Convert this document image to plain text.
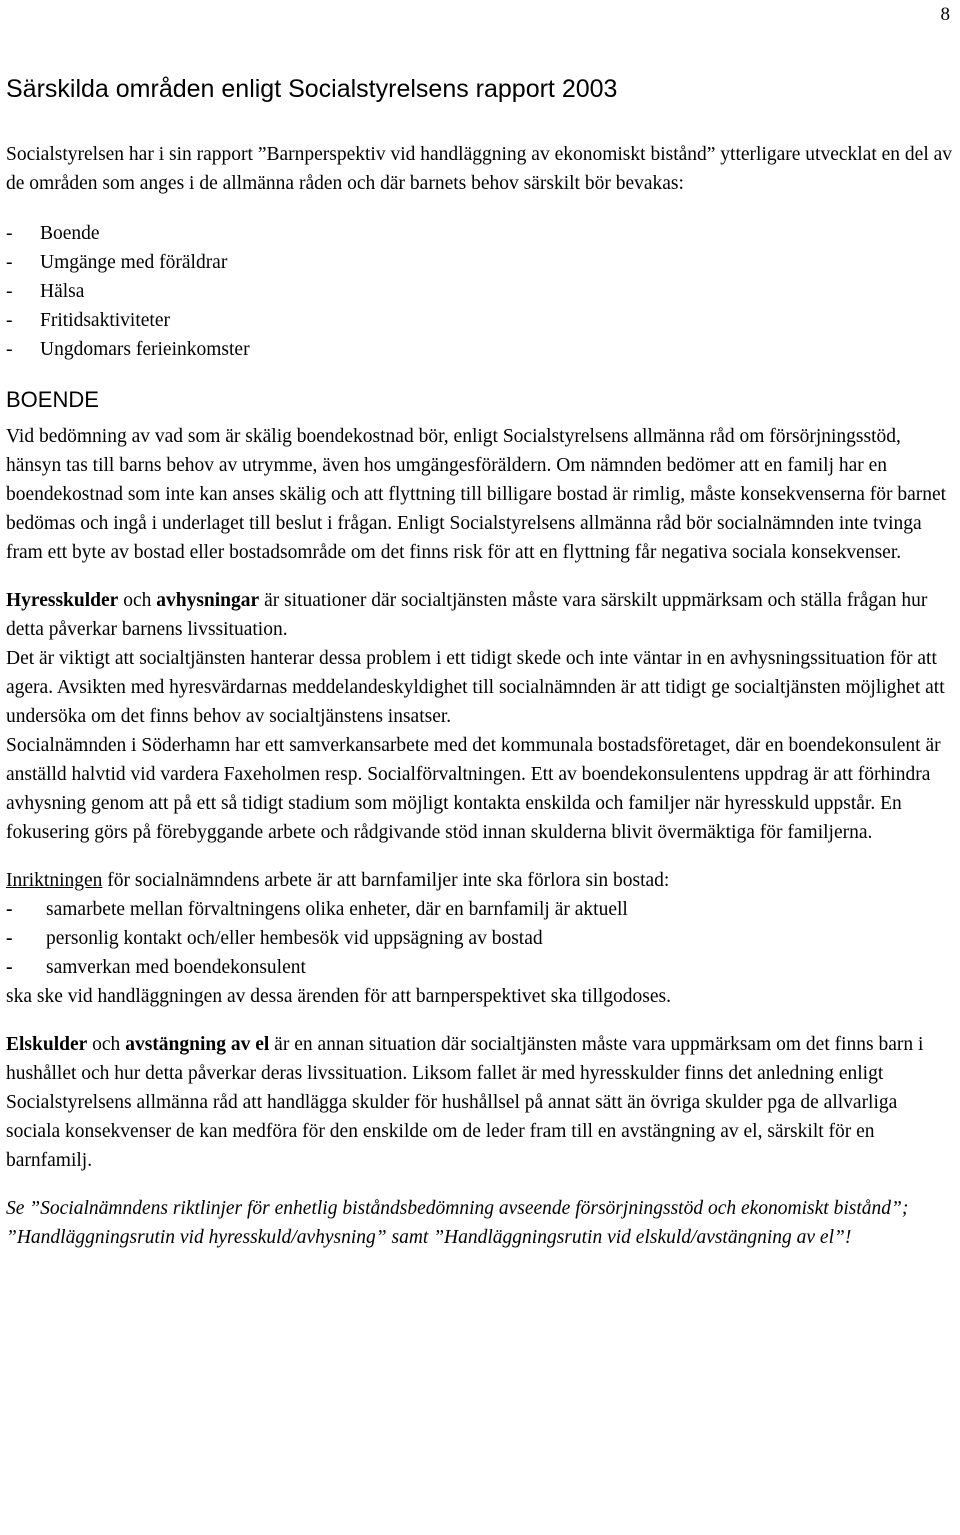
8
Särskilda områden enligt Socialstyrelsens rapport 2003

Socialstyrelsen har i sin rapport ”Barnperspektiv vid handläggning av ekonomiskt bistånd” ytterligare utvecklat en del av de områden som anges i de allmänna råden och där barnets behov särskilt bör bevakas:

- Boende
- Umgänge med föräldrar
- Hälsa
- Fritidsaktiviteter
- Ungdomars ferieinkomster
BOENDE

Vid bedömning av vad som är skälig boendekostnad bör, enligt Socialstyrelsens allmänna råd om försörjningsstöd, hänsyn tas till barns behov av utrymme, även hos umgängesföräldern. Om nämnden bedömer att en familj har en boendekostnad som inte kan anses skälig och att flyttning till billigare bostad är rimlig, måste konsekvenserna för barnet bedömas och ingå i underlaget till beslut i frågan. Enligt Socialstyrelsens allmänna råd bör socialnämnden inte tvinga fram ett byte av bostad eller bostadsområde om det finns risk för att en flyttning får negativa sociala konsekvenser.

Hyresskulder och avhysningar är situationer där socialtjänsten måste vara särskilt uppmärksam och ställa frågan hur detta påverkar barnens livssituation.

Det är viktigt att socialtjänsten hanterar dessa problem i ett tidigt skede och inte väntar in en avhysningssituation för att agera. Avsikten med hyresvärdarnas meddelandeskyldighet till socialnämnden är att tidigt ge socialtjänsten möjlighet att undersöka om det finns behov av socialtjänstens insatser.

Socialnämnden i Söderhamn har ett samverkansarbete med det kommunala bostadsföretaget, där en boendekonsulent är anställd halvtid vid vardera Faxeholmen resp. Socialförvaltningen. Ett av boendekonsulentens uppdrag är att förhindra avhysning genom att på ett så tidigt stadium som möjligt kontakta enskilda och familjer när hyresskuld uppstår. En fokusering görs på förebyggande arbete och rådgivande stöd innan skulderna blivit övermäktiga för familjerna.

Inriktningen för socialnämndens arbete är att barnfamiljer inte ska förlora sin bostad:

- samarbete mellan förvaltningens olika enheter, där en barnfamilj är aktuell
- personlig kontakt och/eller hembesök vid uppsägning av bostad
- samverkan med boendekonsulent

ska ske vid handläggningen av dessa ärenden för att barnperspektivet ska tillgodoses.

Elskulder och avstängning av el är en annan situation där socialtjänsten måste vara uppmärksam om det finns barn i hushållet och hur detta påverkar deras livssituation. Liksom fallet är med hyresskulder finns det anledning enligt Socialstyrelsens allmänna råd att handlägga skulder för hushållsel på annat sätt än övriga skulder pga de allvarliga sociala konsekvenser de kan medföra för den enskilde om de leder fram till en avstängning av el, särskilt för en barnfamilj.

Se ”Socialnämndens riktlinjer för enhetlig biståndsbedömning avseende försörjningsstöd och ekonomiskt bistånd”; ”Handläggningsrutin vid hyresskuld/avhysning” samt ”Handläggningsrutin vid elskuld/avstängning av el”!
